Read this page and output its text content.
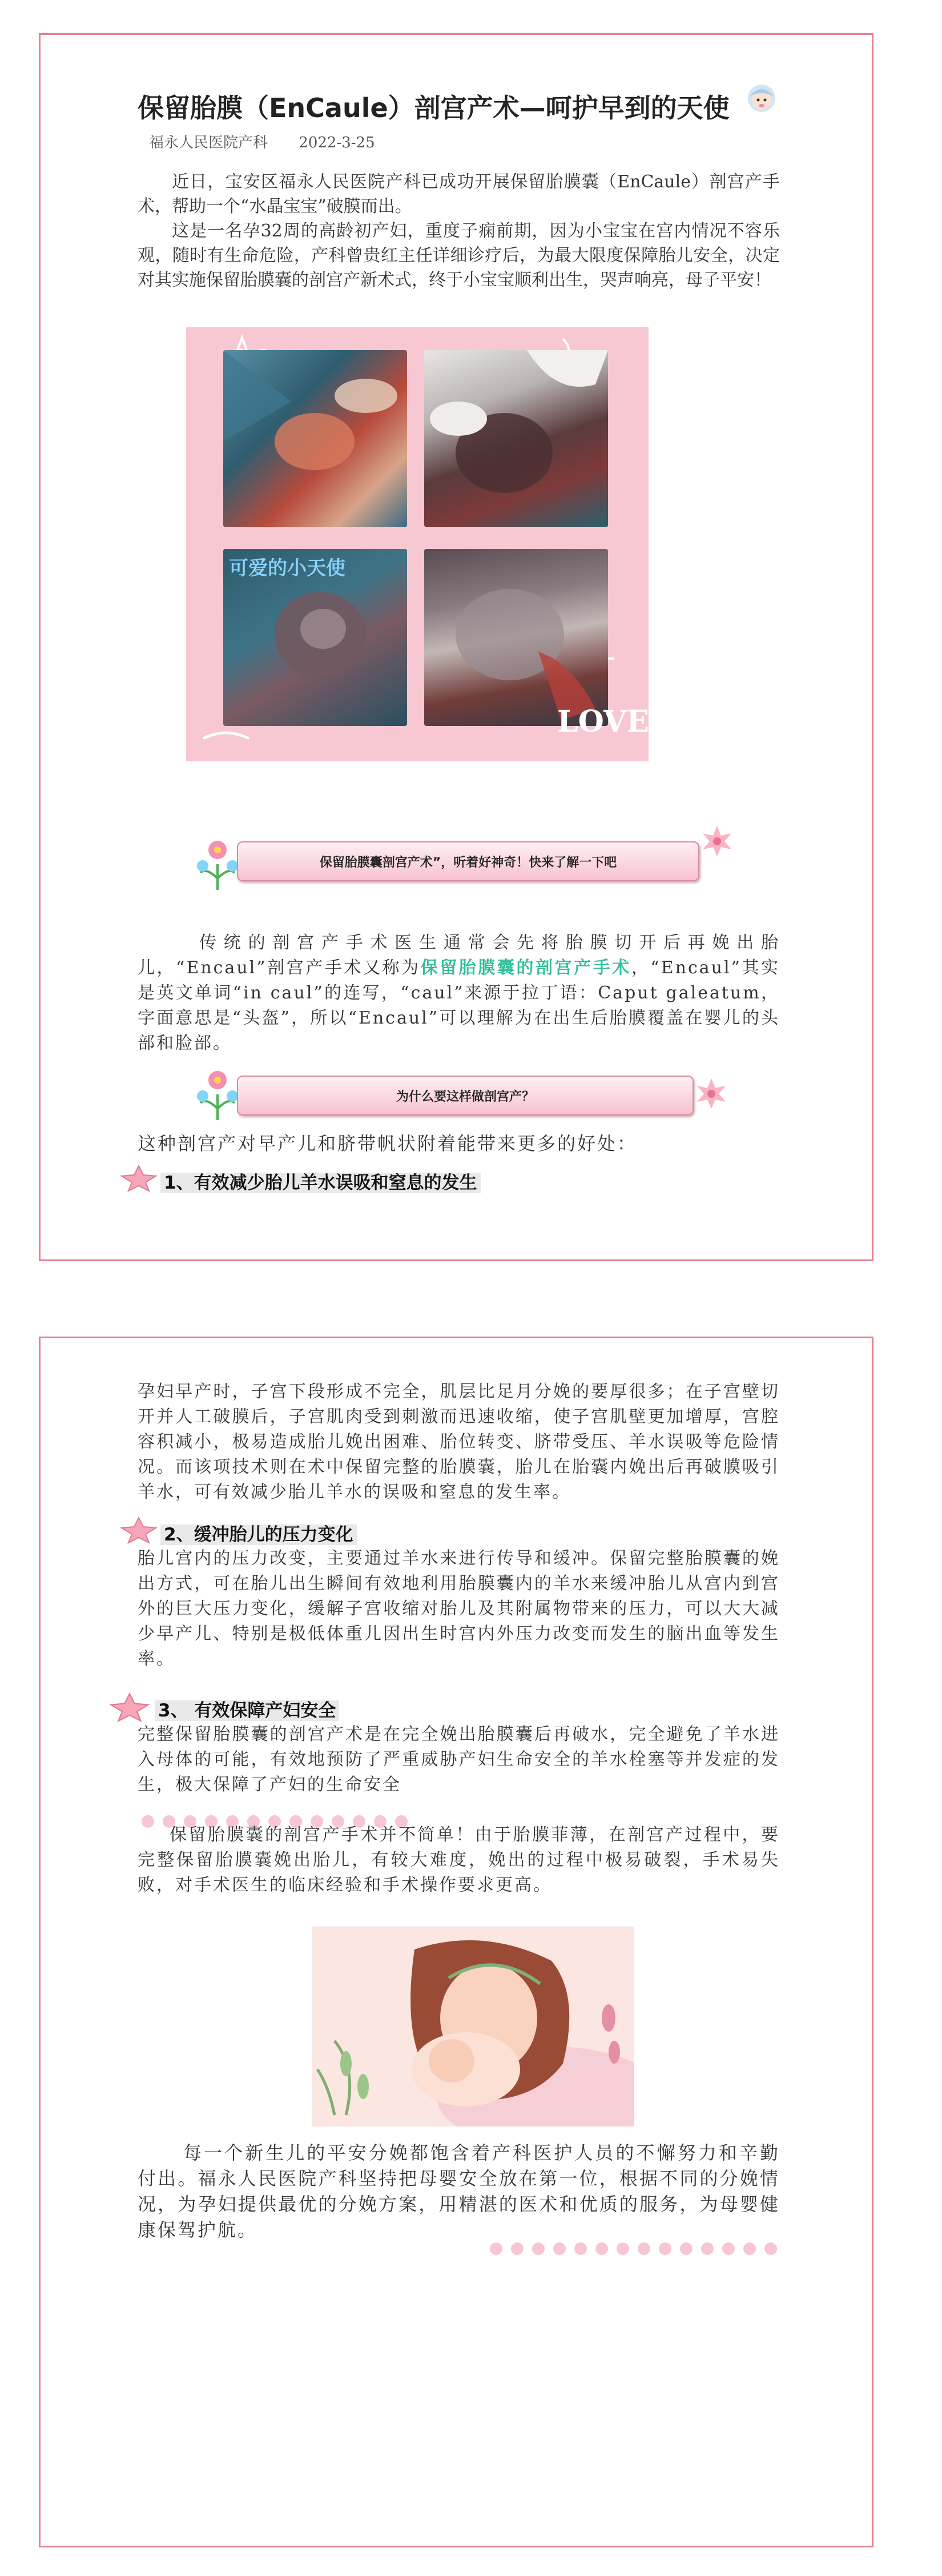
保留胎膜（EnCaule）剖宫产术—呵护早到的天使
福永人民医院产科 2022-3-25

近日，宝安区福永人民医院产科已成功开展保留胎膜囊（EnCaule）剖宫产手术，帮助一个“水晶宝宝”破膜而出。

这是一名孕32周的高龄初产妇，重度子痫前期，因为小宝宝在宫内情况不容乐观，随时有生命危险，产科曾贵红主任详细诊疗后，为最大限度保障胎儿安全，决定对其实施保留胎膜囊的剖宫产新术式，终于小宝宝顺利出生，哭声响亮，母子平安！

可爱的小天使
LOVE
保留胎膜囊剖宫产术”，听着好神奇！快来了解一下吧

传统的剖宫产手术医生通常会先将胎膜切开后再娩出胎儿，“Encaul”剖宫产手术又称为保留胎膜囊的剖宫产手术，“Encaul”其实是英文单词“in caul”的连写，“caul”来源于拉丁语：Caput galeatum，字面意思是“头盔”，所以“Encaul”可以理解为在出生后胎膜覆盖在婴儿的头部和脸部。

为什么要这样做剖宫产？
这种剖宫产对早产儿和脐带帆状附着能带来更多的好处：
1、有效减少胎儿羊水误吸和窒息的发生

孕妇早产时，子宫下段形成不完全，肌层比足月分娩的要厚很多；在子宫壁切开并人工破膜后，子宫肌肉受到刺激而迅速收缩，使子宫肌壁更加增厚，宫腔容积减小，极易造成胎儿娩出困难、胎位转变、脐带受压、羊水误吸等危险情况。而该项技术则在术中保留完整的胎膜囊，胎儿在胎囊内娩出后再破膜吸引羊水，可有效减少胎儿羊水的误吸和窒息的发生率。

2、缓冲胎儿的压力变化

胎儿宫内的压力改变，主要通过羊水来进行传导和缓冲。保留完整胎膜囊的娩出方式，可在胎儿出生瞬间有效地利用胎膜囊内的羊水来缓冲胎儿从宫内到宫外的巨大压力变化，缓解子宫收缩对胎儿及其附属物带来的压力，可以大大减少早产儿、特别是极低体重儿因出生时宫内外压力改变而发生的脑出血等发生率。

3、 有效保障产妇安全

完整保留胎膜囊的剖宫产术是在完全娩出胎膜囊后再破水，完全避免了羊水进入母体的可能，有效地预防了严重威胁产妇生命安全的羊水栓塞等并发症的发生，极大保障了产妇的生命安全

保留胎膜囊的剖宫产手术并不简单！由于胎膜菲薄，在剖宫产过程中，要完整保留胎膜囊娩出胎儿，有较大难度，娩出的过程中极易破裂，手术易失败，对手术医生的临床经验和手术操作要求更高。

每一个新生儿的平安分娩都饱含着产科医护人员的不懈努力和辛勤付出。福永人民医院产科坚持把母婴安全放在第一位，根据不同的分娩情况，为孕妇提供最优的分娩方案，用精湛的医术和优质的服务，为母婴健康保驾护航。
